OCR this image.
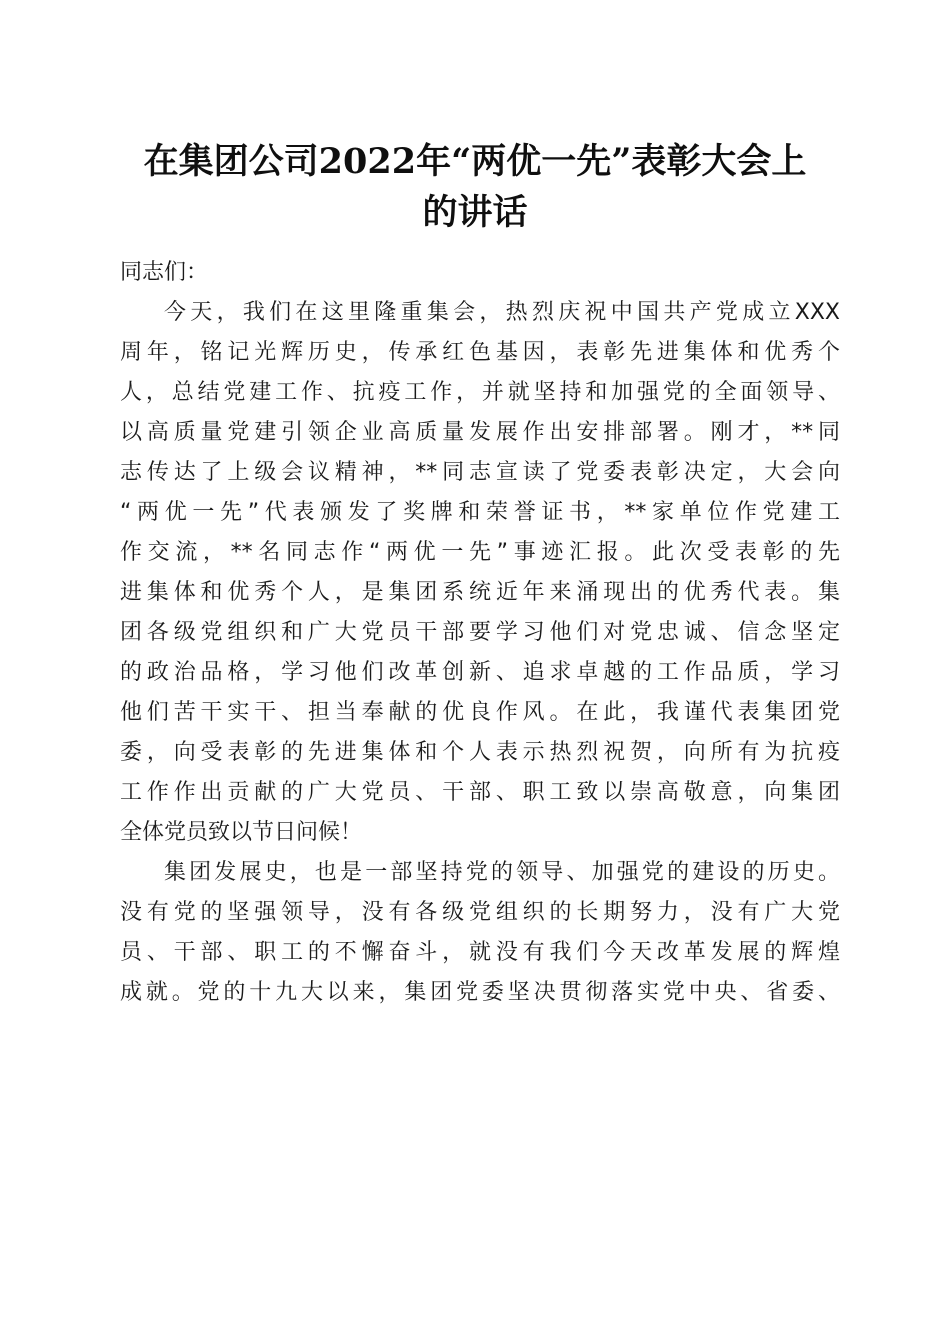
在集团公司2022年“两优一先”表彰大会上
的讲话
同志们：
今天，我们在这里隆重集会，热烈庆祝中国共产党成立XXX
周年，铭记光辉历史，传承红色基因，表彰先进集体和优秀个
人，总结党建工作、抗疫工作，并就坚持和加强党的全面领导、
以高质量党建引领企业高质量发展作出安排部署。刚才，**同
志传达了上级会议精神，**同志宣读了党委表彰决定，大会向
“两优一先”代表颁发了奖牌和荣誉证书，**家单位作党建工
作交流，**名同志作“两优一先”事迹汇报。此次受表彰的先
进集体和优秀个人，是集团系统近年来涌现出的优秀代表。集
团各级党组织和广大党员干部要学习他们对党忠诚、信念坚定
的政治品格，学习他们改革创新、追求卓越的工作品质，学习
他们苦干实干、担当奉献的优良作风。在此，我谨代表集团党
委，向受表彰的先进集体和个人表示热烈祝贺，向所有为抗疫
工作作出贡献的广大党员、干部、职工致以崇高敬意，向集团
全体党员致以节日问候！
集团发展史，也是一部坚持党的领导、加强党的建设的历史。
没有党的坚强领导，没有各级党组织的长期努力，没有广大党
员、干部、职工的不懈奋斗，就没有我们今天改革发展的辉煌
成就。党的十九大以来，集团党委坚决贯彻落实党中央、省委、
